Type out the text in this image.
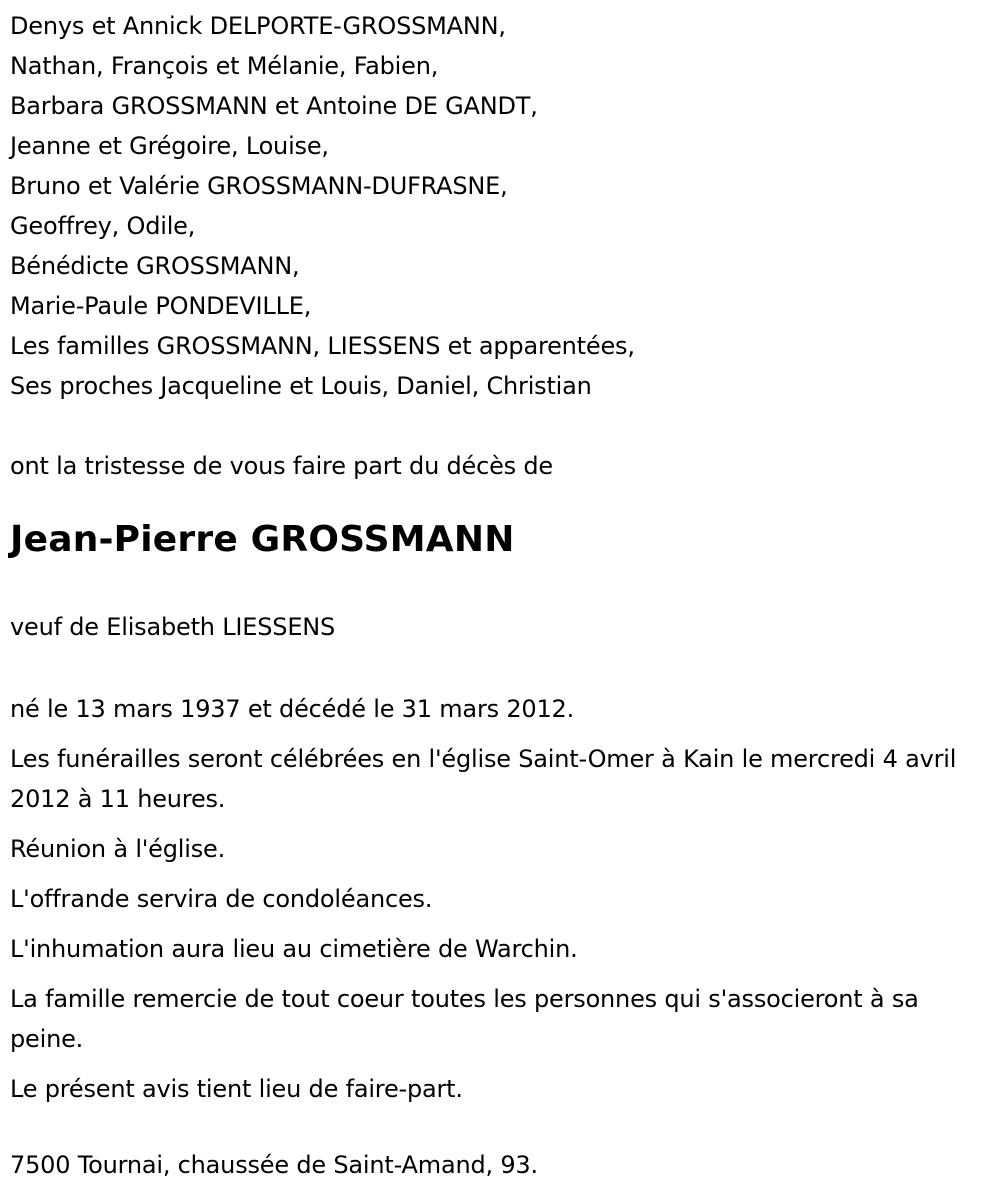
Denys et Annick DELPORTE-GROSSMANN,
Nathan, François et Mélanie, Fabien,
Barbara GROSSMANN et Antoine DE GANDT,
Jeanne et Grégoire, Louise,
Bruno et Valérie GROSSMANN-DUFRASNE,
Geoffrey, Odile,
Bénédicte GROSSMANN,
Marie-Paule PONDEVILLE,
Les familles GROSSMANN, LIESSENS et apparentées,
Ses proches Jacqueline et Louis, Daniel, Christian
ont la tristesse de vous faire part du décès de
Jean-Pierre GROSSMANN
veuf de Elisabeth LIESSENS
né le 13 mars 1937 et décédé le 31 mars 2012.
Les funérailles seront célébrées en l'église Saint-Omer à Kain le mercredi 4 avril 2012 à 11 heures.
Réunion à l'église.
L'offrande servira de condoléances.
L'inhumation aura lieu au cimetière de Warchin.
La famille remercie de tout coeur toutes les personnes qui s'associeront à sa peine.
Le présent avis tient lieu de faire-part.
7500 Tournai, chaussée de Saint-Amand, 93.
